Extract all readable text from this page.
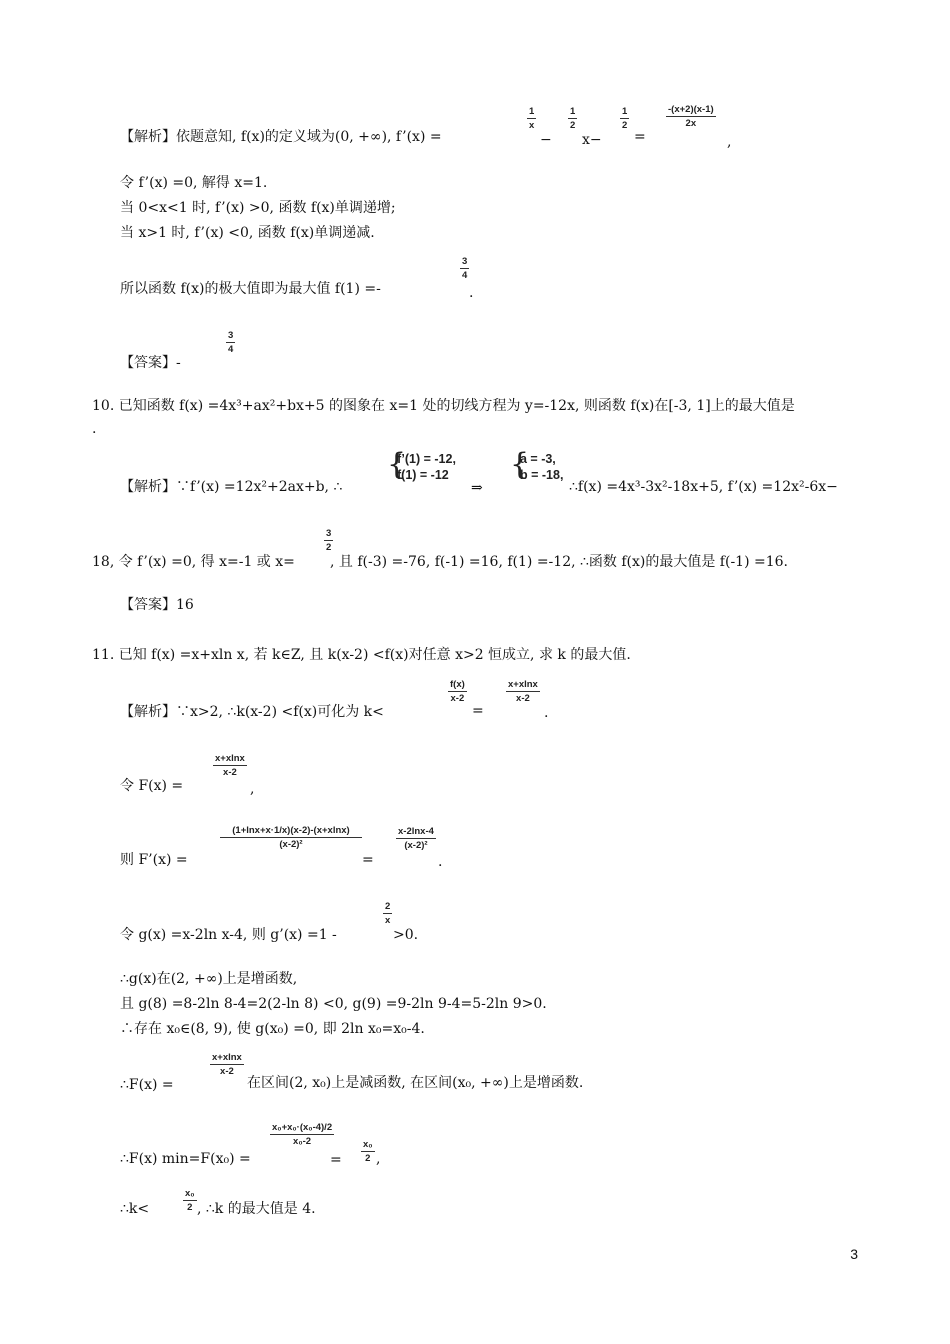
【解析】依题意知, f(x)的定义域为(0, +∞), f’(x) =
1
x
−
1
2
x−
1
2
=
-(x+2)(x-1)
2x
,
令 f’(x) =0, 解得 x=1.
当 0<x<1 时, f’(x) >0, 函数 f(x)单调递增;
当 x>1 时, f’(x) <0, 函数 f(x)单调递减.
所以函数 f(x)的极大值即为最大值 f(1) =-
3
4
.
【答案】-
3
4
10. 已知函数 f(x) =4x³+ax²+bx+5 的图象在 x=1 处的切线方程为 y=-12x, 则函数 f(x)在[-3, 1]上的最大值是
.
【解析】∵f’(x) =12x²+2ax+b, ∴
{
f’(1) = -12,
f(1) = -12
⇒
{
a = -3,
b = -18,
∴f(x) =4x³-3x²-18x+5, f’(x) =12x²-6x−
18, 令 f’(x) =0, 得 x=-1 或 x=
3
2
, 且 f(-3) =-76, f(-1) =16, f(1) =-12, ∴函数 f(x)的最大值是 f(-1) =16.
【答案】16
11. 已知 f(x) =x+xln x, 若 k∈Z, 且 k(x-2) <f(x)对任意 x>2 恒成立, 求 k 的最大值.
【解析】∵x>2, ∴k(x-2) <f(x)可化为 k<
f(x)
x-2
=
x+xlnx
x-2
.
令 F(x) =
x+xlnx
x-2
,
则 F’(x) =
(1+lnx+x·1/x)(x-2)-(x+xlnx)
(x-2)²
=
x-2lnx-4
(x-2)²
.
令 g(x) =x-2ln x-4, 则 g’(x) =1 -
2
x
>0.
∴g(x)在(2, +∞)上是增函数,
且 g(8) =8-2ln 8-4=2(2-ln 8) <0, g(9) =9-2ln 9-4=5-2ln 9>0.
∴存在 x₀∈(8, 9), 使 g(x₀) =0, 即 2ln x₀=x₀-4.
∴F(x) =
x+xlnx
x-2
在区间(2, x₀)上是减函数, 在区间(x₀, +∞)上是增函数.
∴F(x) min=F(x₀) =
x₀+x₀·(x₀-4)/2
x₀-2
=
x₀
2 ,
∴k<
x₀
2 , ∴k 的最大值是 4.
3
